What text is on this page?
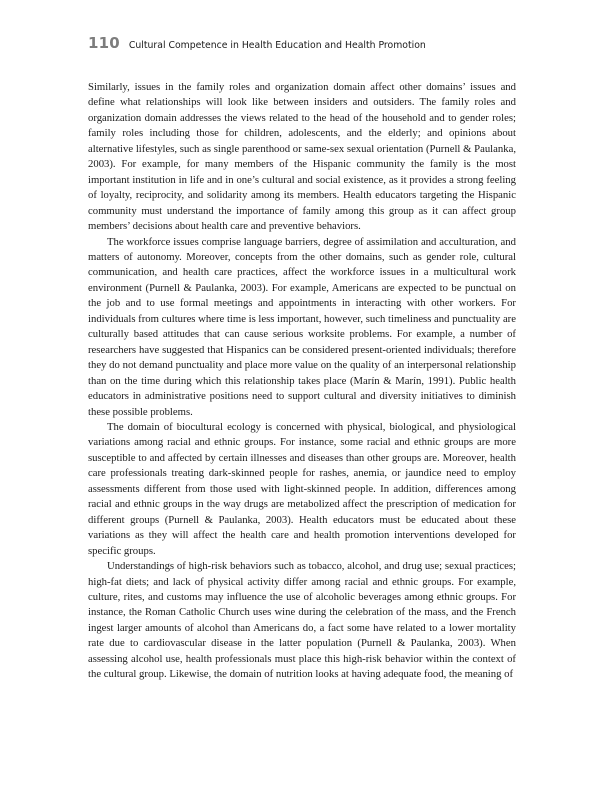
110 Cultural Competence in Health Education and Health Promotion

Similarly, issues in the family roles and organization domain affect other domains’ issues and define what relationships will look like between insiders and outsiders. The family roles and organization domain addresses the views related to the head of the household and to gender roles; family roles including those for children, adolescents, and the elderly; and opinions about alternative lifestyles, such as single parenthood or same-sex sexual orientation (Purnell & Paulanka, 2003). For example, for many members of the Hispanic community the family is the most important institution in life and in one’s cultural and social existence, as it provides a strong feeling of loyalty, reciprocity, and solidarity among its members. Health educators targeting the Hispanic community must understand the importance of family among this group as it can affect group members’ decisions about health care and preventive behaviors.

The workforce issues comprise language barriers, degree of assimilation and acculturation, and matters of autonomy. Moreover, concepts from the other domains, such as gender role, cultural communication, and health care practices, affect the workforce issues in a multicultural work environment (Purnell & Paulanka, 2003). For example, Americans are expected to be punctual on the job and to use formal meetings and appointments in interacting with other workers. For individuals from cultures where time is less important, however, such timeliness and punctuality are culturally based attitudes that can cause serious worksite problems. For example, a number of researchers have suggested that Hispanics can be considered present-oriented individuals; therefore they do not demand punctuality and place more value on the quality of an interpersonal relationship than on the time during which this relationship takes place (Marín & Marín, 1991). Public health educators in administrative positions need to support cultural and diversity initiatives to diminish these possible problems.

The domain of biocultural ecology is concerned with physical, biological, and physiological variations among racial and ethnic groups. For instance, some racial and ethnic groups are more susceptible to and affected by certain illnesses and diseases than other groups are. Moreover, health care professionals treating dark-skinned people for rashes, anemia, or jaundice need to employ assessments different from those used with light-skinned people. In addition, differences among racial and ethnic groups in the way drugs are metabolized affect the prescription of medication for different groups (Purnell & Paulanka, 2003). Health educators must be educated about these variations as they will affect the health care and health promotion interventions developed for specific groups.

Understandings of high-risk behaviors such as tobacco, alcohol, and drug use; sexual practices; high-fat diets; and lack of physical activity differ among racial and ethnic groups. For example, culture, rites, and customs may influence the use of alcoholic beverages among ethnic groups. For instance, the Roman Catholic Church uses wine during the celebration of the mass, and the French ingest larger amounts of alcohol than Americans do, a fact some have related to a lower mortality rate due to cardiovascular disease in the latter population (Purnell & Paulanka, 2003). When assessing alcohol use, health professionals must place this high-risk behavior within the context of the cultural group. Likewise, the domain of nutrition looks at having adequate food, the meaning of
